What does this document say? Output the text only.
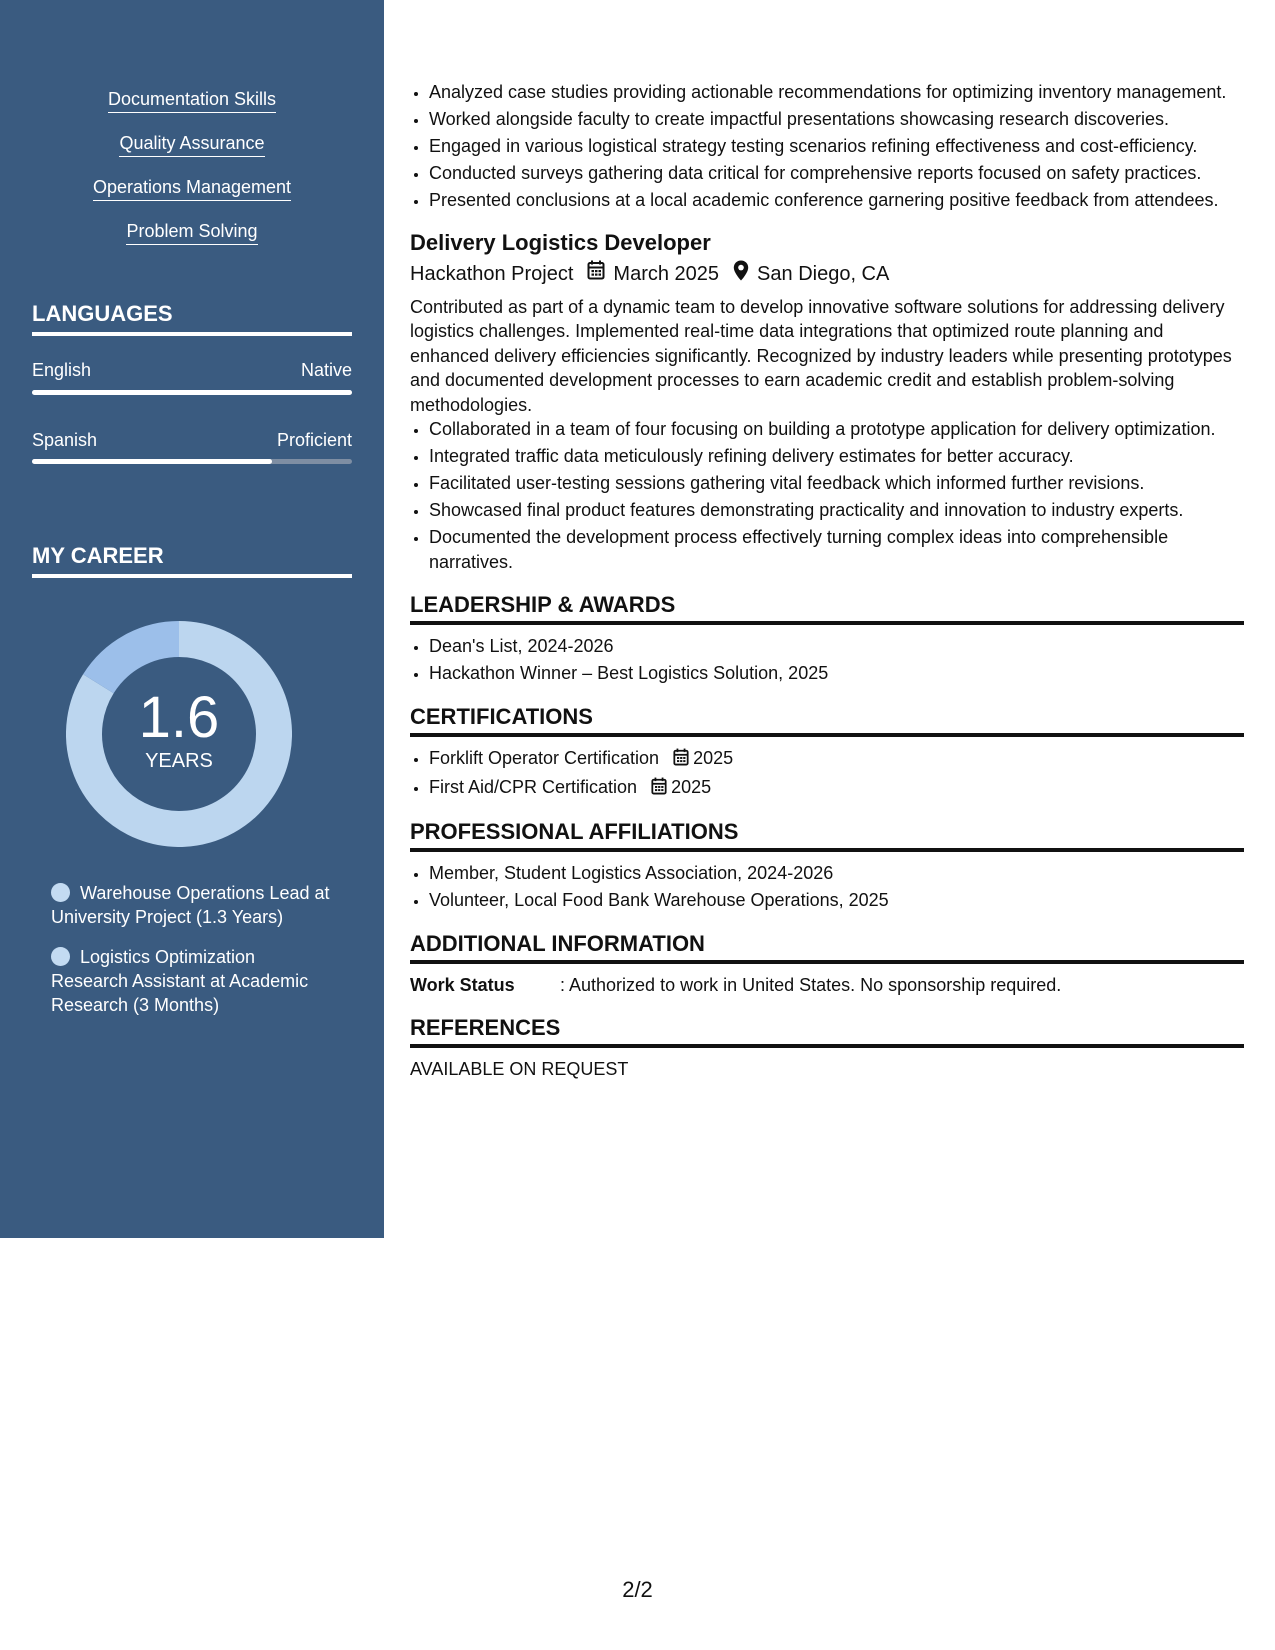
Documentation Skills
Quality Assurance
Operations Management
Problem Solving
LANGUAGES
English	Native
Spanish	Proficient
MY CAREER
1.6
YEARS
Warehouse Operations Lead at University Project (1.3 Years)
Logistics Optimization Research Assistant at Academic Research (3 Months)
• Analyzed case studies providing actionable recommendations for optimizing inventory management.
• Worked alongside faculty to create impactful presentations showcasing research discoveries.
• Engaged in various logistical strategy testing scenarios refining effectiveness and cost-efficiency.
• Conducted surveys gathering data critical for comprehensive reports focused on safety practices.
• Presented conclusions at a local academic conference garnering positive feedback from attendees.
Delivery Logistics Developer
Hackathon Project March 2025 San Diego, CA
Contributed as part of a dynamic team to develop innovative software solutions for addressing delivery logistics challenges. Implemented real-time data integrations that optimized route planning and enhanced delivery efficiencies significantly. Recognized by industry leaders while presenting prototypes and documented development processes to earn academic credit and establish problem-solving methodologies.
• Collaborated in a team of four focusing on building a prototype application for delivery optimization.
• Integrated traffic data meticulously refining delivery estimates for better accuracy.
• Facilitated user-testing sessions gathering vital feedback which informed further revisions.
• Showcased final product features demonstrating practicality and innovation to industry experts.
• Documented the development process effectively turning complex ideas into comprehensible narratives.
LEADERSHIP & AWARDS
• Dean's List, 2024-2026
• Hackathon Winner – Best Logistics Solution, 2025
CERTIFICATIONS
• Forklift Operator Certification 2025
• First Aid/CPR Certification 2025
PROFESSIONAL AFFILIATIONS
• Member, Student Logistics Association, 2024-2026
• Volunteer, Local Food Bank Warehouse Operations, 2025
ADDITIONAL INFORMATION
Work Status	: Authorized to work in United States. No sponsorship required.
REFERENCES
AVAILABLE ON REQUEST
2/2
